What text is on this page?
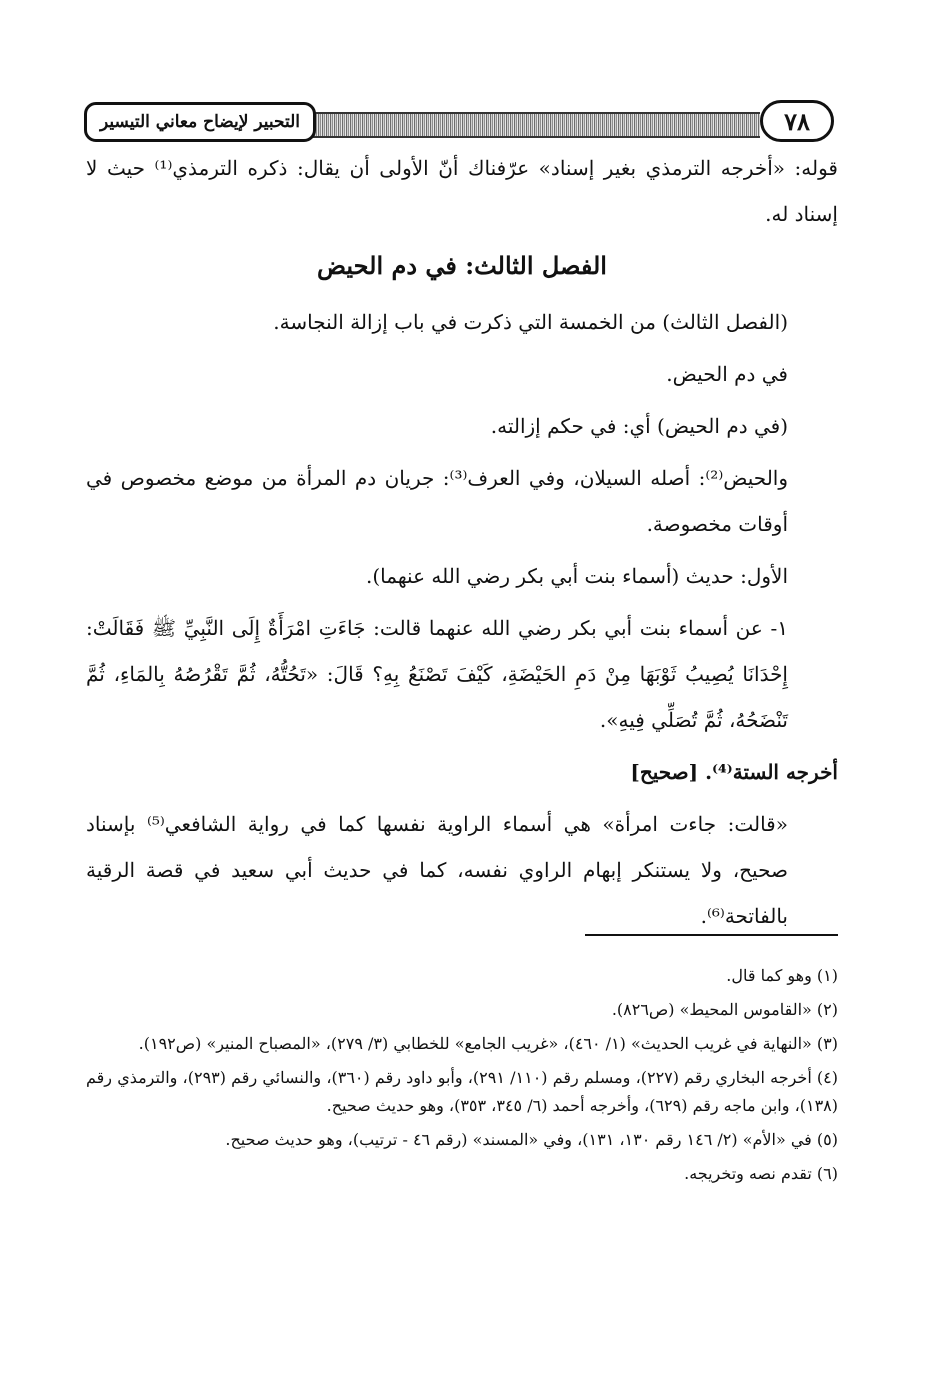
التحبير لإيضاح معاني التيسير	٧٨

قوله: «أخرجه الترمذي بغير إسناد» عرّفناك أنّ الأولى أن يقال: ذكره الترمذي⁽¹⁾ حيث لا إسناد له.

الفصل الثالث: في دم الحيض

(الفصل الثالث) من الخمسة التي ذكرت في باب إزالة النجاسة.

في دم الحيض.

(في دم الحيض) أي: في حكم إزالته.

والحيض⁽²⁾: أصله السيلان، وفي العرف⁽³⁾: جريان دم المرأة من موضع مخصوص في أوقات مخصوصة.

الأول: حديث (أسماء بنت أبي بكر رضي الله عنهما).

١- عن أسماء بنت أبي بكر رضي الله عنهما قالت: جَاءَتِ امْرَأَةٌ إِلَى النَّبِيِّ ﷺ فَقَالَتْ: إِحْدَانَا يُصِيبُ ثَوْبَهَا مِنْ دَمِ الحَيْضَةِ، كَيْفَ تَصْنَعُ بِهِ؟ قَالَ: «تَحُتُّهُ، ثُمَّ تَقْرُصُهُ بِالمَاءِ، ثُمَّ تَنْضَحُهُ، ثُمَّ تُصَلِّي فِيهِ».

أخرجه الستة⁽⁴⁾. [صحيح]

«قالت: جاءت امرأة» هي أسماء الراوية نفسها كما في رواية الشافعي⁽⁵⁾ بإسناد صحيح، ولا يستنكر إبهام الراوي نفسه، كما في حديث أبي سعيد في قصة الرقية بالفاتحة⁽⁶⁾.

(١) وهو كما قال.

(٢) «القاموس المحيط» (ص٨٢٦).

(٣) «النهاية في غريب الحديث» (١/ ٤٦٠)، «غريب الجامع» للخطابي (٣/ ٢٧٩)، «المصباح المنير» (ص١٩٢).

(٤) أخرجه البخاري رقم (٢٢٧)، ومسلم رقم (١١٠/ ٢٩١)، وأبو داود رقم (٣٦٠)، والنسائي رقم (٢٩٣)، والترمذي رقم (١٣٨)، وابن ماجه رقم (٦٢٩)، وأخرجه أحمد (٦/ ٣٤٥، ٣٥٣)، وهو حديث صحيح.

(٥) في «الأم» (٢/ ١٤٦ رقم ١٣٠، ١٣١)، وفي «المسند» (رقم ٤٦ - ترتيب)، وهو حديث صحيح.

(٦) تقدم نصه وتخريجه.
